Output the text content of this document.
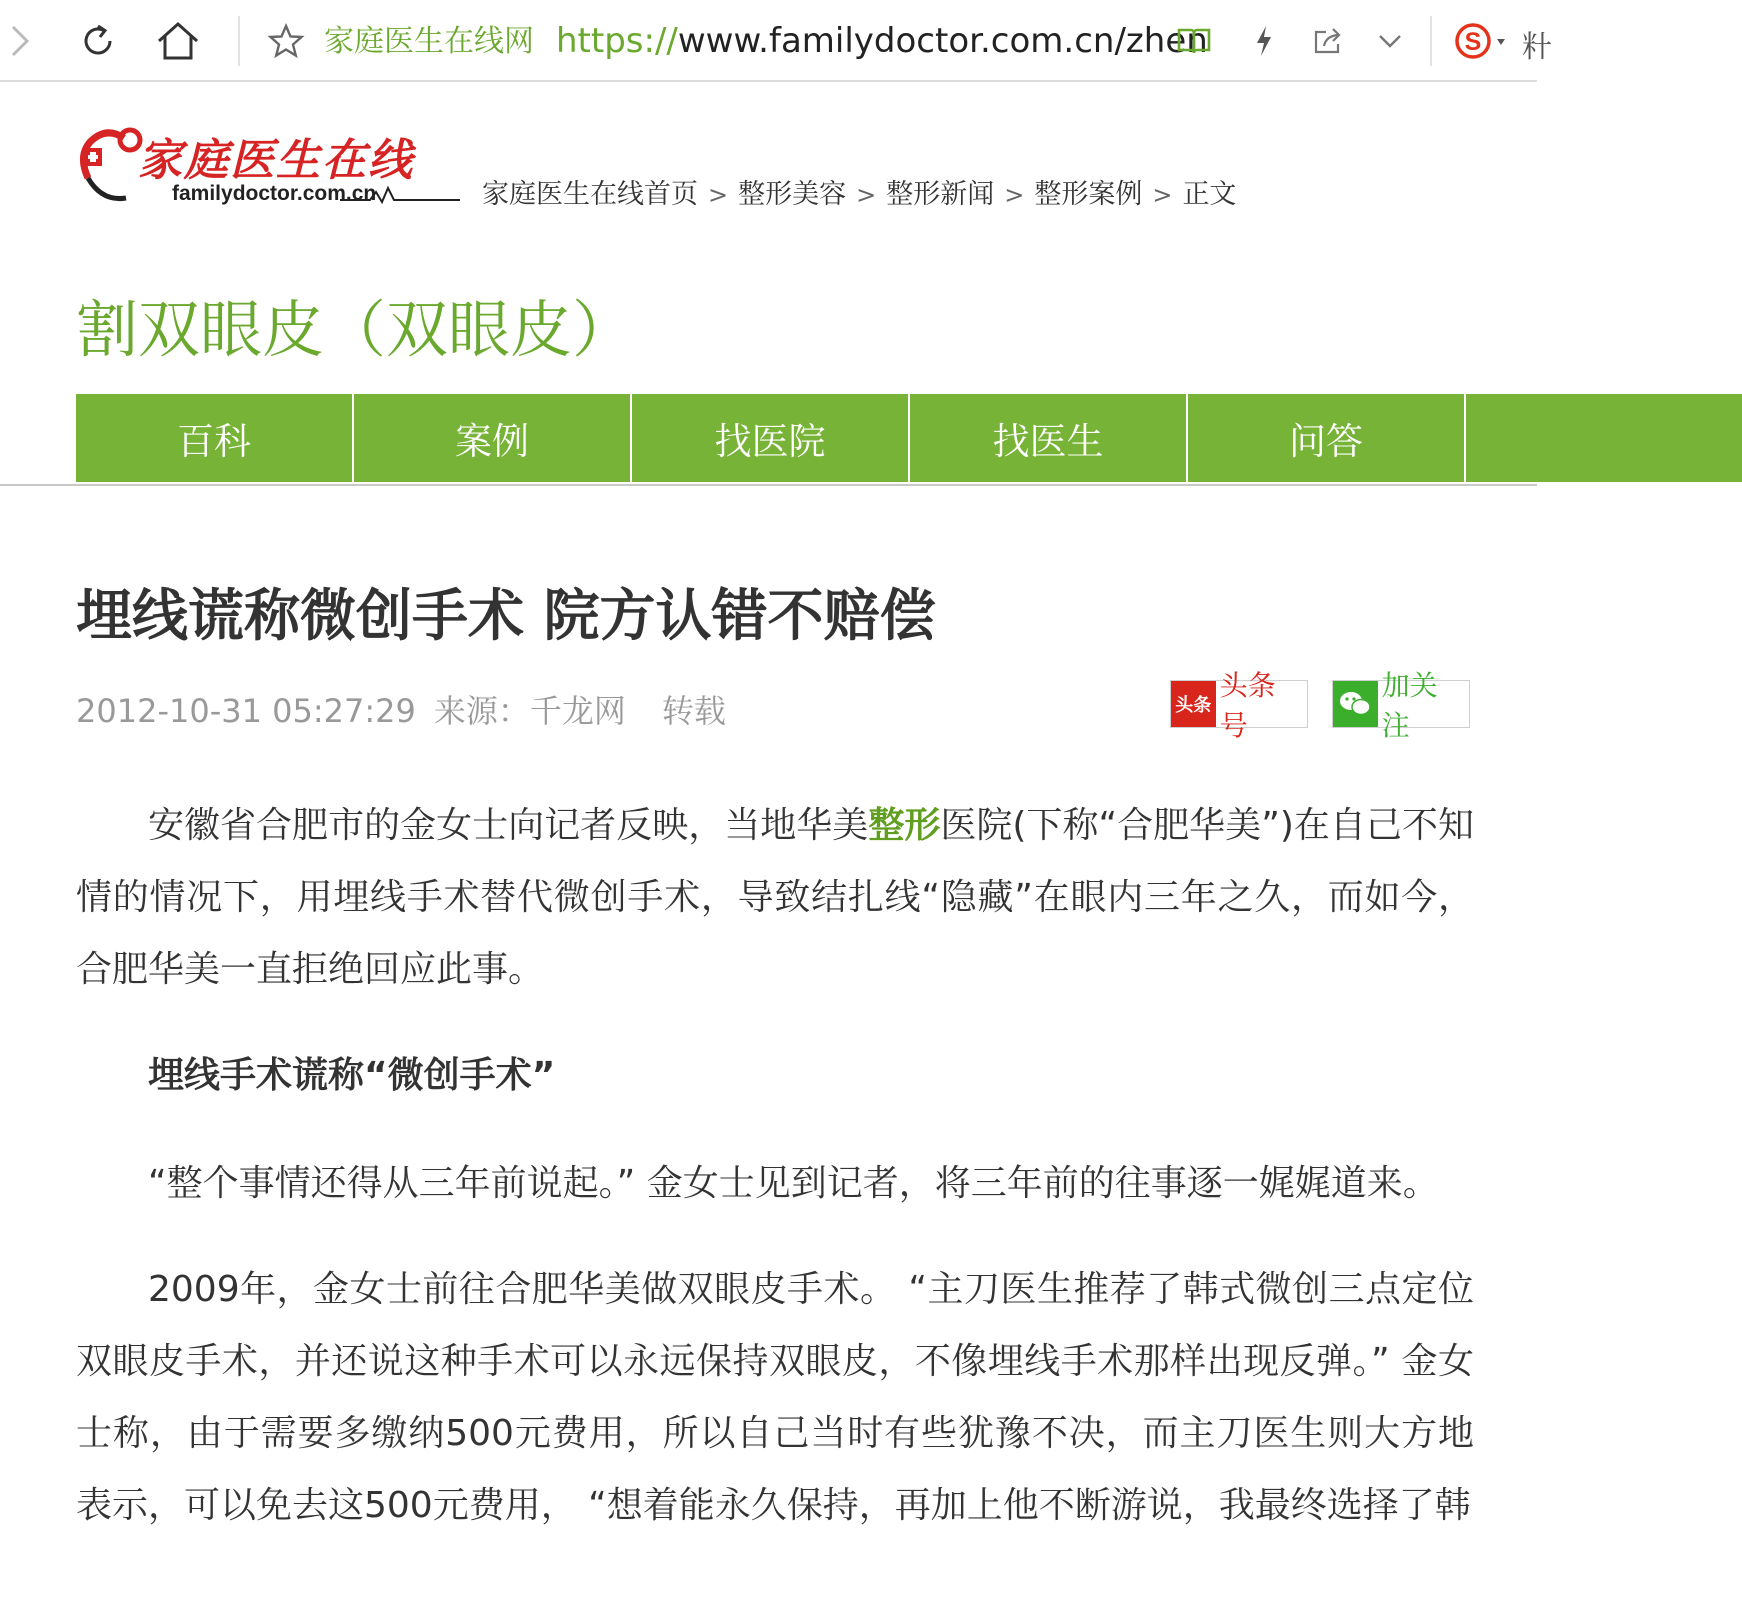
家庭医生在线网 https://www.familydoctor.com.cn/zhen	S 籵
家庭医生在线
familydoctor.com.cn	家庭医生在线首页 > 整形美容 > 整形新闻 > 整形案例 > 正文
割双眼皮（双眼皮）
百科	案例	找医院	找医生	问答
埋线谎称微创手术 院方认错不赔偿
2012-10-31 05:27:29 来源：千龙网 转载	头条
头条号
加关注

安徽省合肥市的金女士向记者反映，当地华美整形医院(下称“合肥华美”)在自己不知情的情况下，用埋线手术替代微创手术，导致结扎线“隐藏”在眼内三年之久，而如今，合肥华美一直拒绝回应此事。

埋线手术谎称“微创手术”

“整个事情还得从三年前说起。” 金女士见到记者，将三年前的往事逐一娓娓道来。

2009年，金女士前往合肥华美做双眼皮手术。 “主刀医生推荐了韩式微创三点定位双眼皮手术，并还说这种手术可以永远保持双眼皮，不像埋线手术那样出现反弹。” 金女士称，由于需要多缴纳500元费用，所以自己当时有些犹豫不决，而主刀医生则大方地表示，可以免去这500元费用， “想着能永久保持，再加上他不断游说，我最终选择了韩
